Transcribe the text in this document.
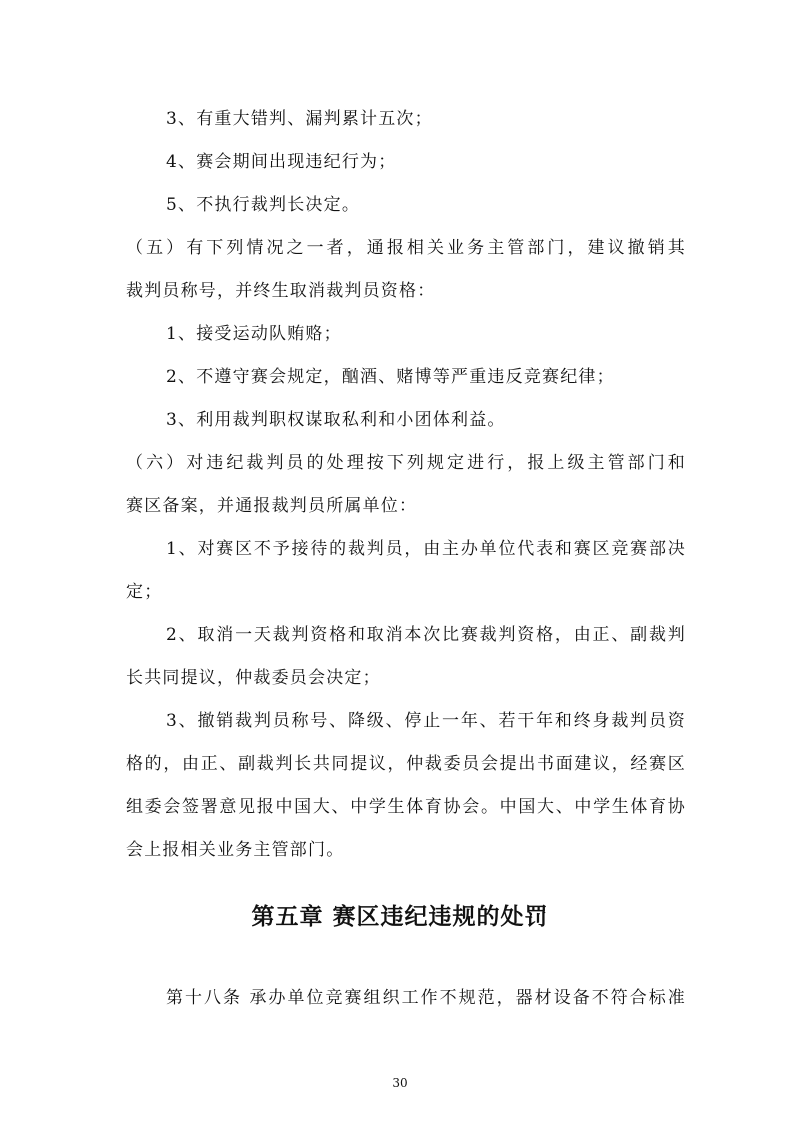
3、有重大错判、漏判累计五次；
4、赛会期间出现违纪行为；
5、不执行裁判长决定。
（五）有下列情况之一者，通报相关业务主管部门，建议撤销其
裁判员称号，并终生取消裁判员资格：
1、接受运动队贿赂；
2、不遵守赛会规定，酗酒、赌博等严重违反竞赛纪律；
3、利用裁判职权谋取私利和小团体利益。
（六）对违纪裁判员的处理按下列规定进行，报上级主管部门和
赛区备案，并通报裁判员所属单位：
1、对赛区不予接待的裁判员，由主办单位代表和赛区竞赛部决
定；
2、取消一天裁判资格和取消本次比赛裁判资格，由正、副裁判
长共同提议，仲裁委员会决定；
3、撤销裁判员称号、降级、停止一年、若干年和终身裁判员资
格的，由正、副裁判长共同提议，仲裁委员会提出书面建议，经赛区
组委会签署意见报中国大、中学生体育协会。中国大、中学生体育协
会上报相关业务主管部门。
第五章 赛区违纪违规的处罚
第十八条 承办单位竞赛组织工作不规范，器材设备不符合标准
30
